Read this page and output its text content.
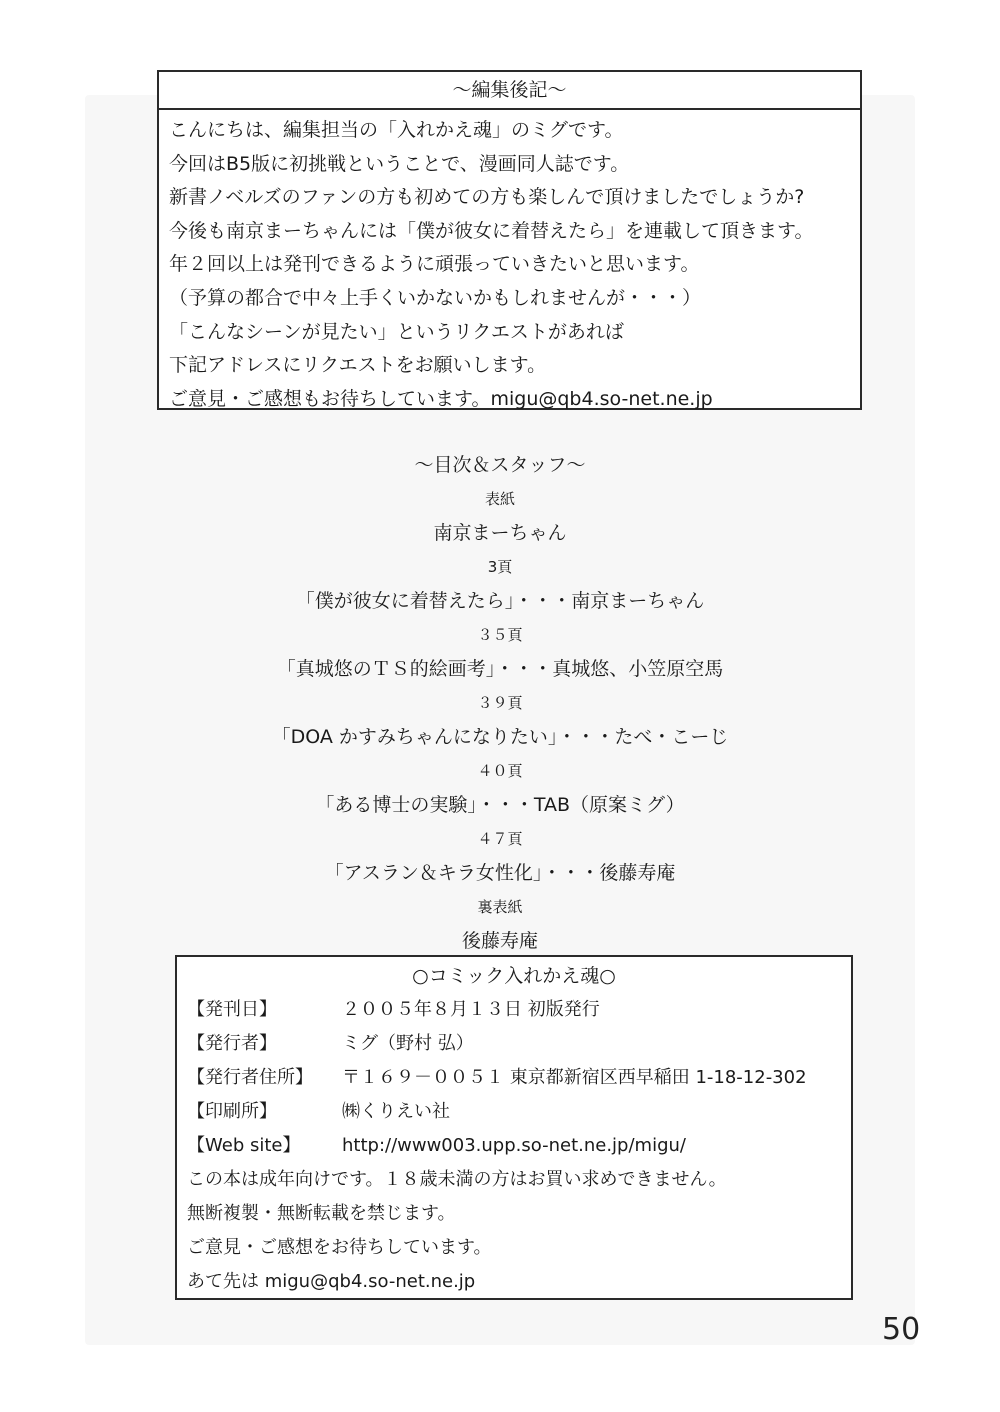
～編集後記～
こんにちは、編集担当の「入れかえ魂」のミグです。
今回はB5版に初挑戦ということで、漫画同人誌です。
新書ノベルズのファンの方も初めての方も楽しんで頂けましたでしょうか?
今後も南京まーちゃんには「僕が彼女に着替えたら」を連載して頂きます。
年２回以上は発刊できるように頑張っていきたいと思います。
（予算の都合で中々上手くいかないかもしれませんが・・・）
「こんなシーンが見たい」というリクエストがあれば
下記アドレスにリクエストをお願いします。
ご意見・ご感想もお待ちしています。migu@qb4.so-net.ne.jp
～目次＆スタッフ～
表紙
南京まーちゃん
3頁
「僕が彼女に着替えたら」・・・南京まーちゃん
３５頁
「真城悠のＴＳ的絵画考」・・・真城悠、小笠原空馬
３９頁
「DOA かすみちゃんになりたい」・・・たべ・こーじ
４０頁
「ある博士の実験」・・・TAB（原案ミグ）
４７頁
「アスラン＆キラ女性化」・・・後藤寿庵
裏表紙
後藤寿庵
○コミック入れかえ魂○
【発刊日】	２００５年８月１３日 初版発行
【発行者】	ミグ（野村 弘）
【発行者住所】	〒１６９－００５１ 東京都新宿区西早稲田 1-18-12-302
【印刷所】	㈱くりえい社
【Web site】	http://www003.upp.so-net.ne.jp/migu/
この本は成年向けです。１８歳未満の方はお買い求めできません。
無断複製・無断転載を禁じます。
ご意見・ご感想をお待ちしています。
あて先は migu@qb4.so-net.ne.jp
50
